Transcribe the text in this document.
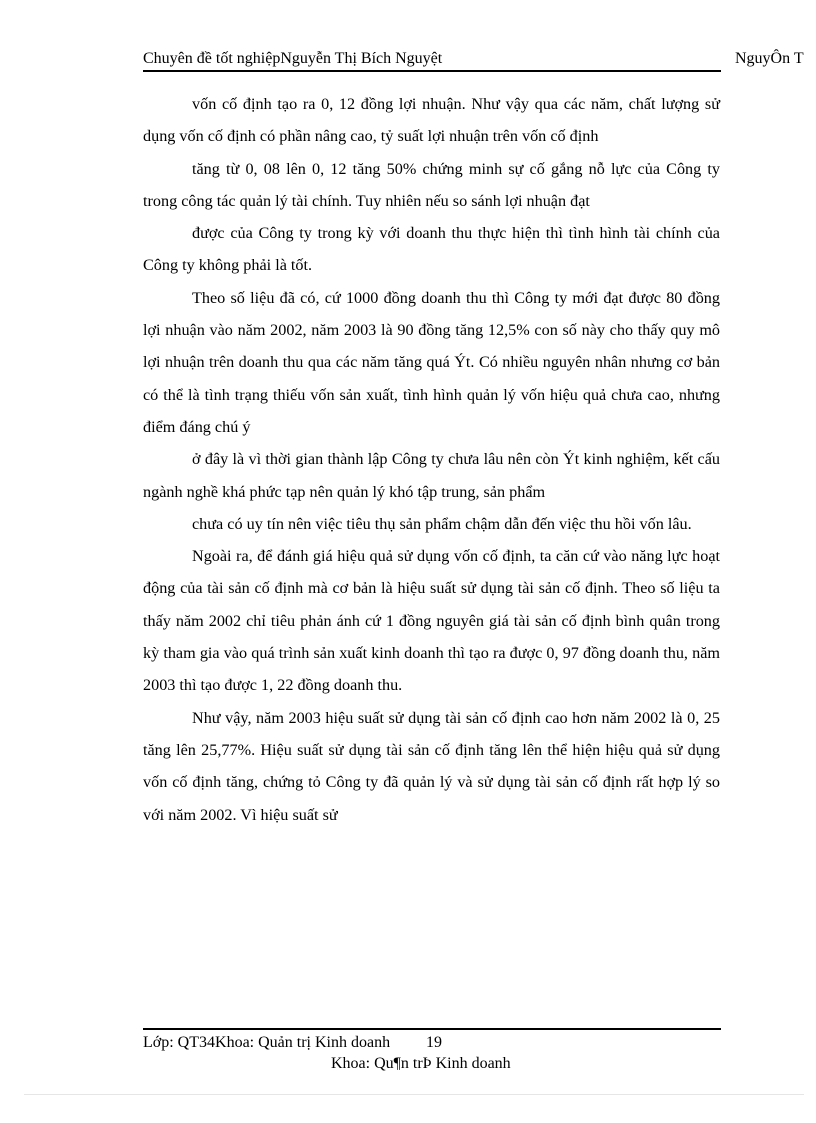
Chuyên đề tốt nghiệpNguyễn Thị Bích Nguyệt	NguyÔn T

vốn cố định tạo ra 0, 12 đồng lợi nhuận. Như vậy qua các năm, chất lượng sử dụng vốn cố định có phần nâng cao, tỷ suất lợi nhuận trên vốn cố định

tăng từ 0, 08 lên 0, 12 tăng 50% chứng minh sự cố gắng nỗ lực của Công ty trong công tác quản lý tài chính. Tuy nhiên nếu so sánh lợi nhuận đạt

được của Công ty trong kỳ với doanh thu thực hiện thì tình hình tài chính của Công ty không phải là tốt.

Theo số liệu đã có, cứ 1000 đồng doanh thu thì Công ty mới đạt được 80 đồng lợi nhuận vào năm 2002, năm 2003 là 90 đồng tăng 12,5% con số này cho thấy quy mô lợi nhuận trên doanh thu qua các năm tăng quá Ýt. Có nhiều nguyên nhân nhưng cơ bản có thể là tình trạng thiếu vốn sản xuất, tình hình quản lý vốn hiệu quả chưa cao, nhưng điểm đáng chú ý

ở đây là vì thời gian thành lập Công ty chưa lâu nên còn Ýt kinh nghiệm, kết cấu ngành nghề khá phức tạp nên quản lý khó tập trung, sản phẩm

chưa có uy tín nên việc tiêu thụ sản phẩm chậm dẫn đến việc thu hồi vốn lâu.

Ngoài ra, để đánh giá hiệu quả sử dụng vốn cố định, ta căn cứ vào năng lực hoạt động của tài sản cố định mà cơ bản là hiệu suất sử dụng tài sản cố định. Theo số liệu ta thấy năm 2002 chỉ tiêu phản ánh cứ 1 đồng nguyên giá tài sản cố định bình quân trong kỳ tham gia vào quá trình sản xuất kinh doanh thì tạo ra được 0, 97 đồng doanh thu, năm 2003 thì tạo được 1, 22 đồng doanh thu.

Như vậy, năm 2003 hiệu suất sử dụng tài sản cố định cao hơn năm 2002 là 0, 25 tăng lên 25,77%. Hiệu suất sử dụng tài sản cố định tăng lên thể hiện hiệu quả sử dụng vốn cố định tăng, chứng tỏ Công ty đã quản lý và sử dụng tài sản cố định rất hợp lý so với năm 2002. Vì hiệu suất sử

Lớp: QT34Khoa: Quản trị Kinh doanh 19
Khoa: Qu¶n trÞ Kinh doanh
